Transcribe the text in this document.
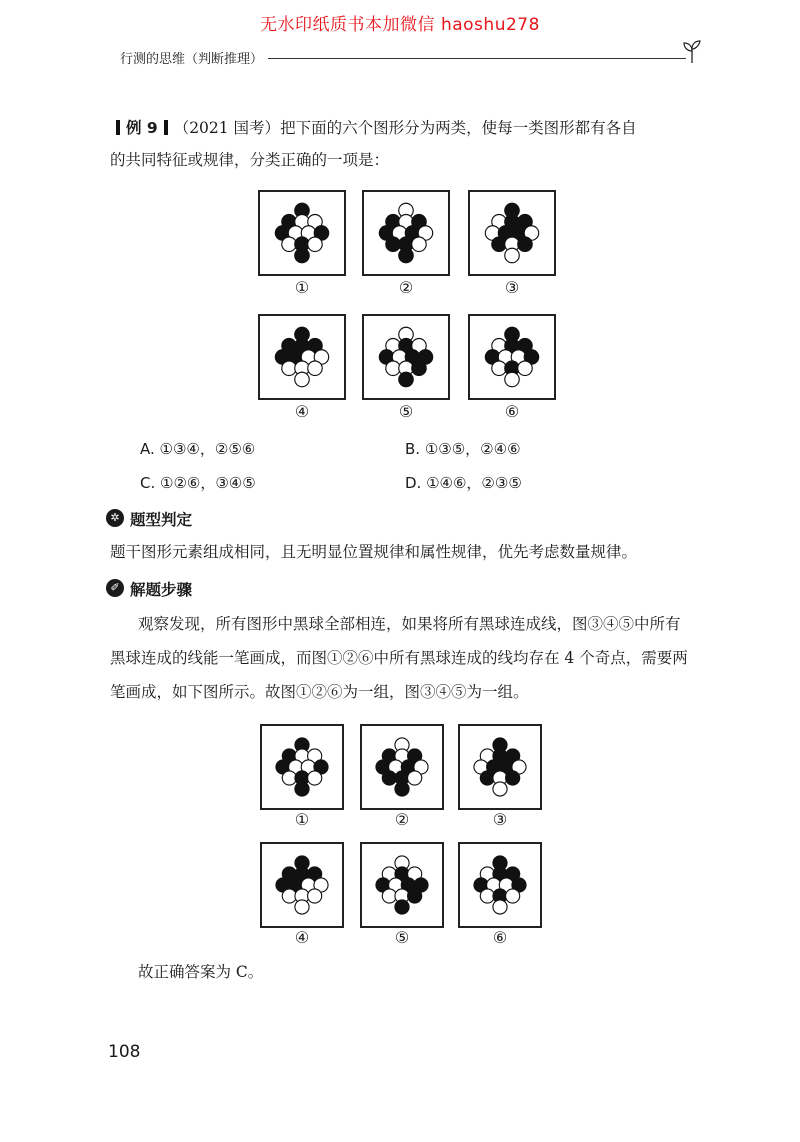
无水印纸质书本加微信 haoshu278
行测的思维（判断推理）
例 9 （2021 国考）把下面的六个图形分为两类，使每一类图形都有各自
的共同特征或规律，分类正确的一项是：
①	②	③
④	⑤	⑥
A. ①③④，②⑤⑥	B. ①③⑤，②④⑥
C. ①②⑥，③④⑤	D. ①④⑥，②③⑤
✲ 题型判定
题干图形元素组成相同，且无明显位置规律和属性规律，优先考虑数量规律。
✐ 解题步骤
观察发现，所有图形中黑球全部相连，如果将所有黑球连成线，图③④⑤中所有
黑球连成的线能一笔画成，而图①②⑥中所有黑球连成的线均存在 4 个奇点，需要两
笔画成，如下图所示。故图①②⑥为一组，图③④⑤为一组。
①	②	③
④	⑤	⑥
故正确答案为 C。
108
